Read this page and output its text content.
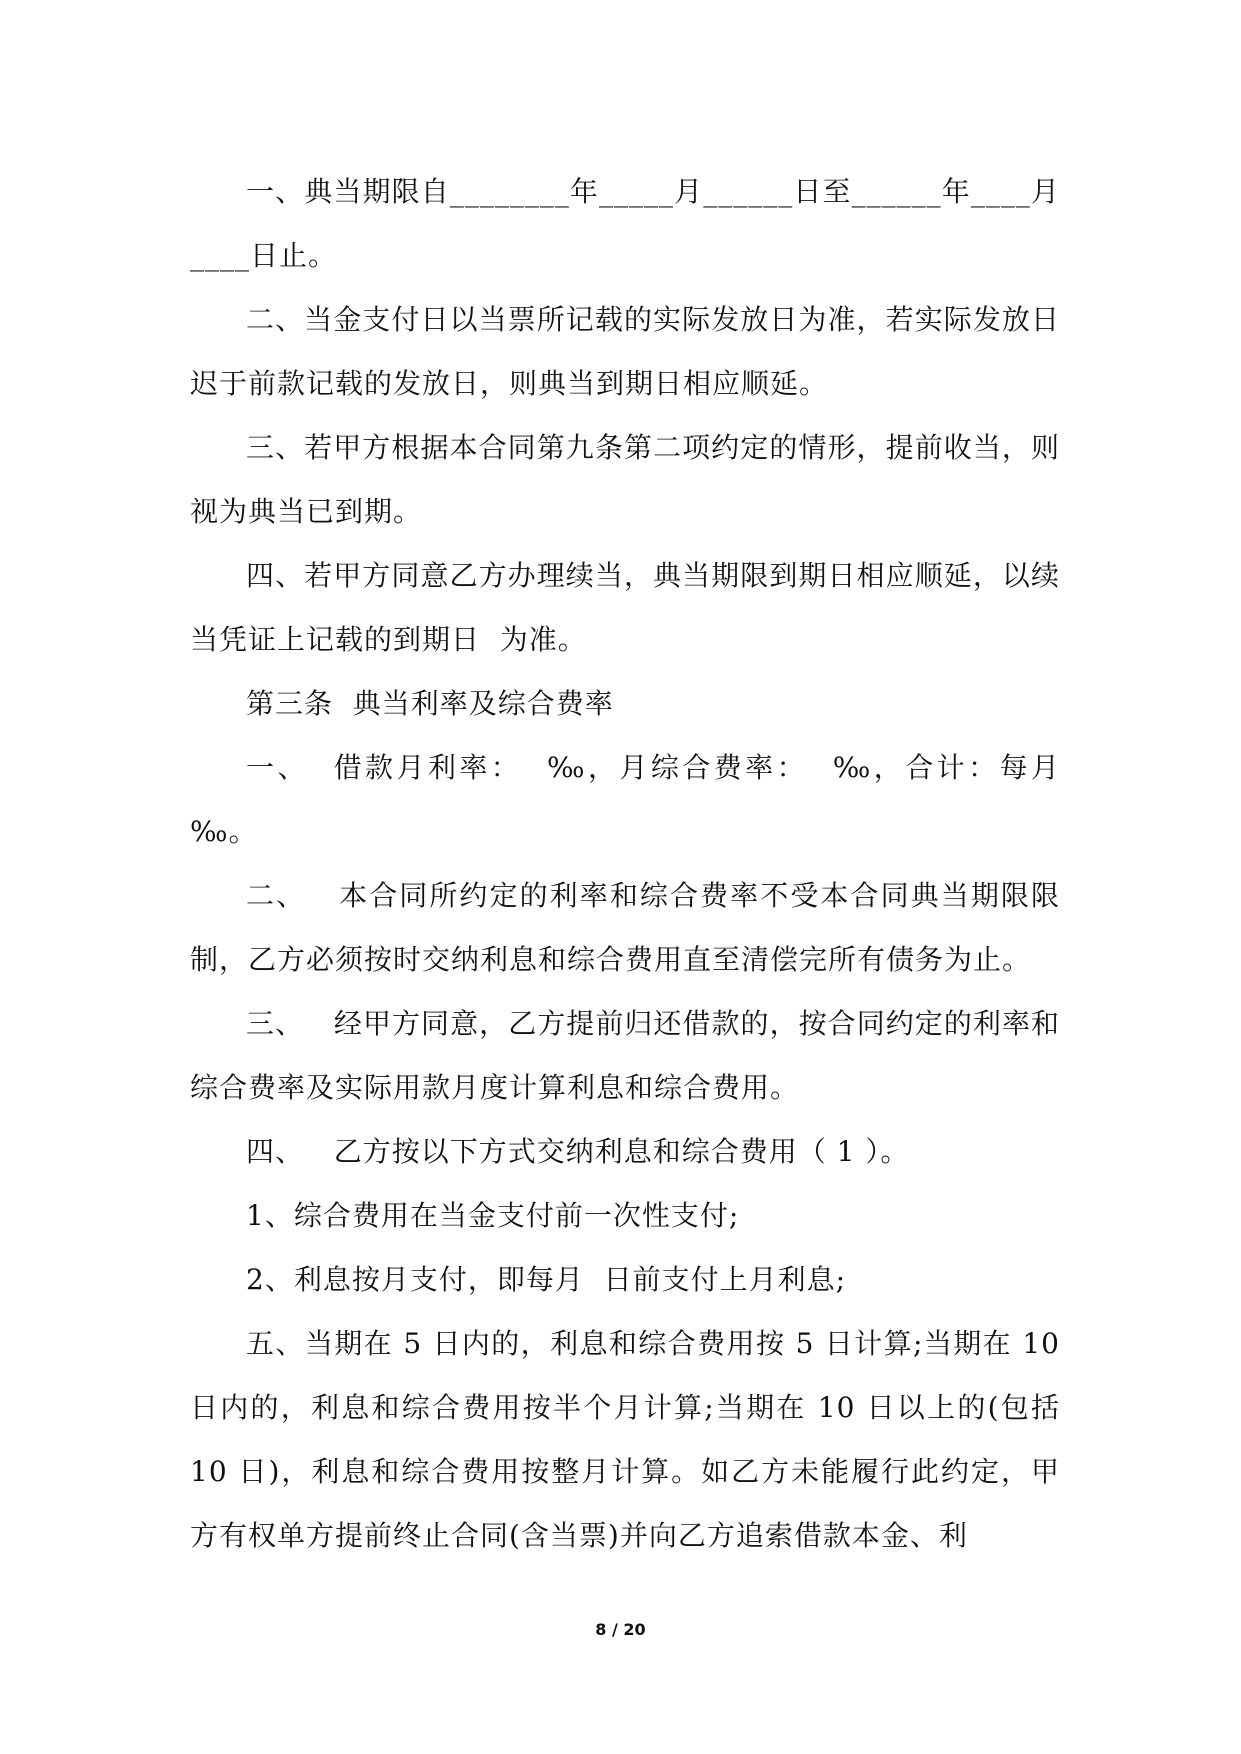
一、典当期限自________年_____月______日至______年____月____日止。

二、当金支付日以当票所记载的实际发放日为准，若实际发放日迟于前款记载的发放日，则典当到期日相应顺延。

三、若甲方根据本合同第九条第二项约定的情形，提前收当，则视为典当已到期。

四、若甲方同意乙方办理续当，典当期限到期日相应顺延，以续当凭证上记载的到期日  为准。

第三条  典当利率及综合费率

一、  借款月利率：  ‰，月综合费率：  ‰，合计：每月 ‰。

二、   本合同所约定的利率和综合费率不受本合同典当期限限制，乙方必须按时交纳利息和综合费用直至清偿完所有债务为止。

三、   经甲方同意，乙方提前归还借款的，按合同约定的利率和综合费率及实际用款月度计算利息和综合费用。

四、   乙方按以下方式交纳利息和综合费用（ 1 ）。

1、综合费用在当金支付前一次性支付;

2、利息按月支付，即每月  日前支付上月利息;

五、当期在 5 日内的，利息和综合费用按 5 日计算;当期在 10 日内的，利息和综合费用按半个月计算;当期在 10 日以上的(包括 10 日)，利息和综合费用按整月计算。如乙方未能履行此约定，甲方有权单方提前终止合同(含当票)并向乙方追索借款本金、利

8 / 20
